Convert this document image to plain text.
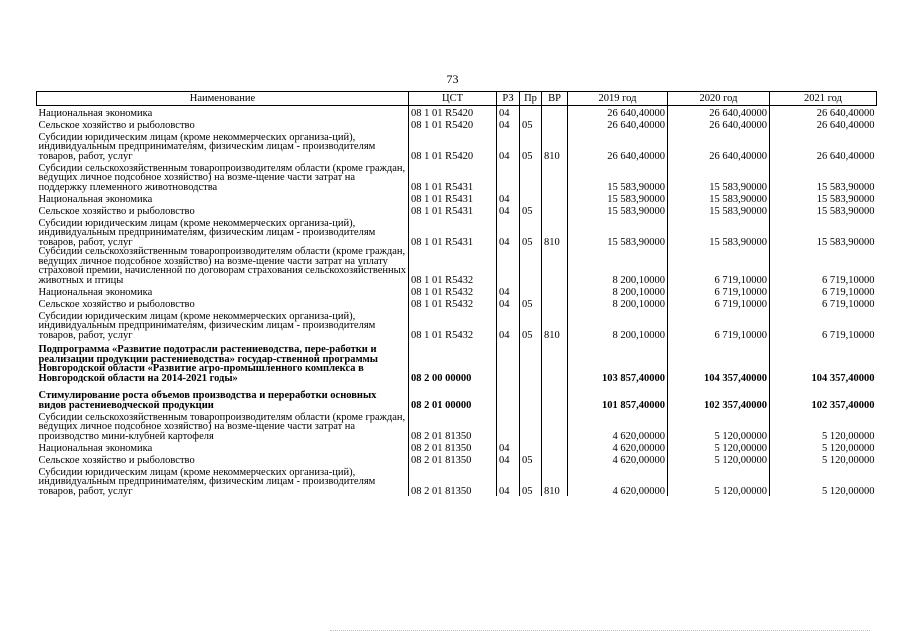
73
Наименование	ЦСТ	РЗ	Пр	ВР	2019 год	2020 год	2021 год
Национальная экономика	08 1 01 R5420	04			26 640,40000	26 640,40000	26 640,40000
Сельское хозяйство и рыболовство	08 1 01 R5420	04	05		26 640,40000	26 640,40000	26 640,40000
Субсидии юридическим лицам (кроме некоммерческих организа-ций), индивидуальным предпринимателям, физическим лицам - производителям товаров, работ, услуг	08 1 01 R5420	04	05	810	26 640,40000	26 640,40000	26 640,40000
Субсидии сельскохозяйственным товаропроизводителям области (кроме граждан, ведущих личное подсобное хозяйство) на возме-щение части затрат на поддержку племенного животноводства	08 1 01 R5431				15 583,90000	15 583,90000	15 583,90000
Национальная экономика	08 1 01 R5431	04			15 583,90000	15 583,90000	15 583,90000
Сельское хозяйство и рыболовство	08 1 01 R5431	04	05		15 583,90000	15 583,90000	15 583,90000
Субсидии юридическим лицам (кроме некоммерческих организа-ций), индивидуальным предпринимателям, физическим лицам - производителям товаров, работ, услуг	08 1 01 R5431	04	05	810	15 583,90000	15 583,90000	15 583,90000
Субсидии сельскохозяйственным товаропроизводителям области (кроме граждан, ведущих личное подсобное хозяйство) на возме-щение части затрат на уплату страховой премии, начисленной по договорам страхования сельскохозяйственных животных и птицы	08 1 01 R5432				8 200,10000	6 719,10000	6 719,10000
Национальная экономика	08 1 01 R5432	04			8 200,10000	6 719,10000	6 719,10000
Сельское хозяйство и рыболовство	08 1 01 R5432	04	05		8 200,10000	6 719,10000	6 719,10000
Субсидии юридическим лицам (кроме некоммерческих организа-ций), индивидуальным предпринимателям, физическим лицам - производителям товаров, работ, услуг	08 1 01 R5432	04	05	810	8 200,10000	6 719,10000	6 719,10000
Подпрограмма «Развитие подотрасли растениеводства, пере-работки и реализации продукции растениеводства» государ-ственной программы Новгородской области «Развитие агро-промышленного комплекса в Новгородской области на 2014-2021 годы»	08 2 00 00000				103 857,40000	104 357,40000	104 357,40000
Стимулирование роста объемов производства и переработки основных видов растениеводческой продукции	08 2 01 00000				101 857,40000	102 357,40000	102 357,40000
Субсидии сельскохозяйственным товаропроизводителям области (кроме граждан, ведущих личное подсобное хозяйство) на возме-щение части затрат на производство мини-клубней картофеля	08 2 01 81350				4 620,00000	5 120,00000	5 120,00000
Национальная экономика	08 2 01 81350	04			4 620,00000	5 120,00000	5 120,00000
Сельское хозяйство и рыболовство	08 2 01 81350	04	05		4 620,00000	5 120,00000	5 120,00000
Субсидии юридическим лицам (кроме некоммерческих организа-ций), индивидуальным предпринимателям, физическим лицам - производителям товаров, работ, услуг	08 2 01 81350	04	05	810	4 620,00000	5 120,00000	5 120,00000
